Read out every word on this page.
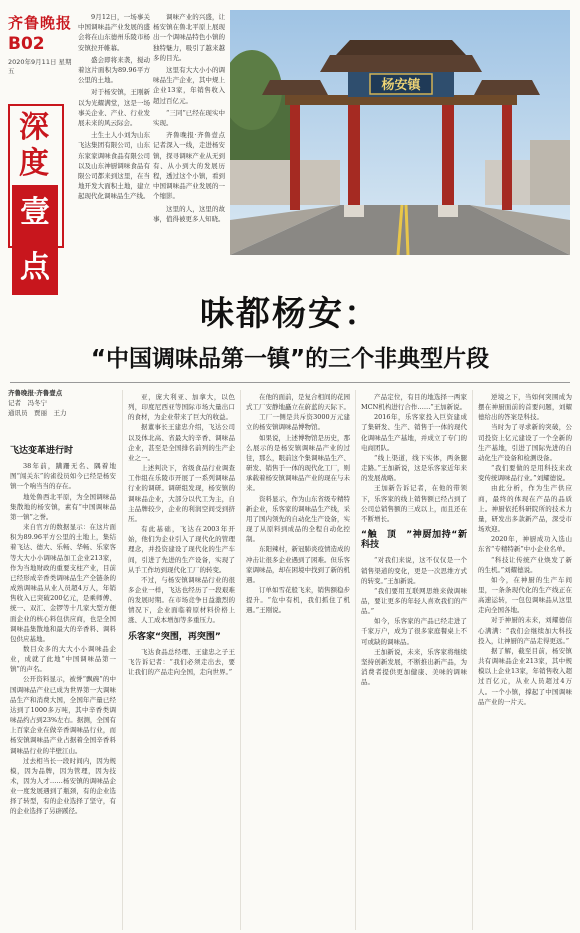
齐鲁晚报
B02
2020年9月11日 星期五
深度
壹点

9月12日，一场事关中国调味品产业发展的盛会将在山东德州乐陵市杨安镇拉开帷幕。

盛会即将来袭，搅动着这片面积为89.96平方公里的土地。

对于杨安镇，王刚新以为光耀满堂，这是一场事关企业、产业、行业发展未来的风云际会。

土生土人小刘为山东飞达集团有限公司，山东东家家调味食品有限公司以及山东神厨调味食品有限公司都来到这里，在当地开发大面积土地，建立起现代化调味品生产线。

调味产业的兴盛，让杨安镇在鲁北平原上展现出一个调味品特色小镇的独特魅力，吸引了越来越多的目光。

这里有大大小小的调味品生产企业，其中规上企业13家，年销售收入超过百亿元。

“三同”已经在现实中实现。

齐鲁晚报·齐鲁壹点记者深入一线，走进杨安镇，探寻调味产业从无到有、从小到大的发展历程，透过这个小镇，看到中国调味品产业发展的一个缩影。

这里的人，这里的故事，值得被更多人知晓。

杨安镇
味都杨安：
“中国调味品第一镇”的三个非典型片段
齐鲁晚报·齐鲁壹点
记者　冯冬宁
通讯员　贾丽　王力
飞达变革进行时

38年前，蹒跚无名、隅着地图“闯关东”的雀役员如今已经是杨安镇一个响当当的存在。

地处鲁西北平原，为全国调味品集散地的杨安镇，素有“中国调味品第一镇”之誉。

来自官方的数据显示：在这片面积为89.96平方公里的土地上，集结着飞达、德大、乐畅、华畅、乐家客等大大小小调味品加工企业213家，作为当地财政的重要支柱产业，目前已经形成辛香类调味品生产全链条的成熟调味品从业人员超4万人，年销售收入已突破200亿元，是乘师傅、统一、双汇、金锣等十几家大型方便面企业的核心料包供应商，也是全国调味品集散地和最大的辛香料、调料包供应基地。

数目众多的大大小小调味品企业，成就了此地“中国调味品第一镇”的声名。

公开资料显示，被誉“飘碗”的中国调味品产业已成为世界第一大调味品生产和消费大国，全国年产量已经达到了1000多万吨，其中辛香类调味品约占到23%左右。据测，全国有上百家企业在做辛香调味品行业，而杨安镇调味品产业占据着全国辛香料调味品行业的半壁江山。

过去相当长一段时间内，因为规模，因为品牌，因为管理，因为技术，因为人才……杨安镇的调味品企业一度发展遇到了瓶颈，有的企业选择了转型，有的企业选择了坚守，有的企业选择了另辟蹊径。

亚，庞大利亚、加拿大，以色列，印度尼西亚等国际市场大量出口的食材，为企业带来了巨大的收益。

据董事长王建忠介绍，飞达公司以及体北高、省最大的辛香、调味品企业，甚至是全国排名前列的生产企业之一。

上述判决下，省级食品行业调查工作组在乐陵市开展了一系列调味品行业的调研。调研组发现，杨安镇的调味品企业，大部分以代工为主，自主品牌较少，企业的利润空间受到挤压。

有此基础，飞达在2003年开始，他们为企业引入了现代化的管理理念，并投资建设了现代化的生产车间，引进了先进的生产设备，实现了从手工作坊到现代化工厂的转变。

不过，与杨安镇调味品行业的很多企业一样，飞达也经历了一段艰难的发展时期。在市场竞争日益激烈的情况下，企业面临着原材料价格上涨、人工成本增加等多重压力。

乐客家“突围，再突围”

飞达食品总经理、王建忠之子王飞告诉记者：“我们必须走出去，要让我们的产品走向全国，走向世界。”

在他的面前，是复合相间的花园式工厂安静地矗立在蔚蓝的天际下。

工厂一侧是共斥资3000万元建立的杨安镇调味品博物馆。

如果说，上述博物馆是历史，那么展示的是杨安镇调味品产业的过往，那么，眼前这个集调味品生产、研发、销售于一体的现代化工厂，则承载着杨安镇调味品产业的现在与未来。

资料显示，作为山东省级专精特新企业，乐客家的调味品生产线，采用了国内领先的自动化生产设备，实现了从原料到成品的全程自动化控制。

东阳辣村，新冠肺炎疫情造成的冲击让很多企业遇到了困难。但乐客家调味品，却在困境中找到了新的机遇。

订单如雪花般飞来，销售额稳步提升。“危中有机，我们抓住了机遇。”王刚说。

产品定位，有目的地选择一两家MCN机构进行合作……”王加新说。

2016年，乐客家投入巨资建成了集研发、生产、销售于一体的现代化调味品生产基地，并成立了专门的电商团队。

“线上渠道，线下实体，两条腿走路。”王加新说，这是乐客家近年来的发展战略。

王加新告诉记者，在他的带领下，乐客家的线上销售额已经占到了公司总销售额的三成以上，而且还在不断增长。

“触　顶　”神厨加持“新科技

“对我们来说，这不仅仅是一个销售渠道的变化，更是一次思维方式的转变。”王加新说。

“我们要用互联网思维来做调味品，要让更多的年轻人喜欢我们的产品。”

如今，乐客家的产品已经走进了千家万户，成为了很多家庭餐桌上不可或缺的调味品。

王加新说，未来，乐客家将继续坚持创新发展，不断推出新产品，为消费者提供更加健康、美味的调味品。

逆境之下，当如何突围成为摆在神厨面前的首要问题，刘耀德给出的答案是科技。

当时为了寻求新的突破，公司投资上亿元建设了一个全新的生产基地，引进了国际先进的自动化生产设备和检测设备。

“我们要做的是用科技来改变传统调味品行业。”刘耀德说。

由此分析，作为生产供应商，最终的体现在产品的品质上。神厨依托科研院所的技术力量，研发出多款新产品，深受市场欢迎。

2020年，神厨成功入选山东省“专精特新”中小企业名单。

“科技让传统产业焕发了新的生机。”刘耀德说。

如今，在神厨的生产车间里，一条条现代化的生产线正在高速运转，一包包调味品从这里走向全国各地。

对于神厨的未来，刘耀德信心满满：“我们会继续加大科技投入，让神厨的产品走得更远。”

据了解，截至目前，杨安镇共有调味品企业213家，其中规模以上企业13家，年销售收入超过百亿元，从业人员超过4万人。一个小镇，撑起了中国调味品产业的一片天。
